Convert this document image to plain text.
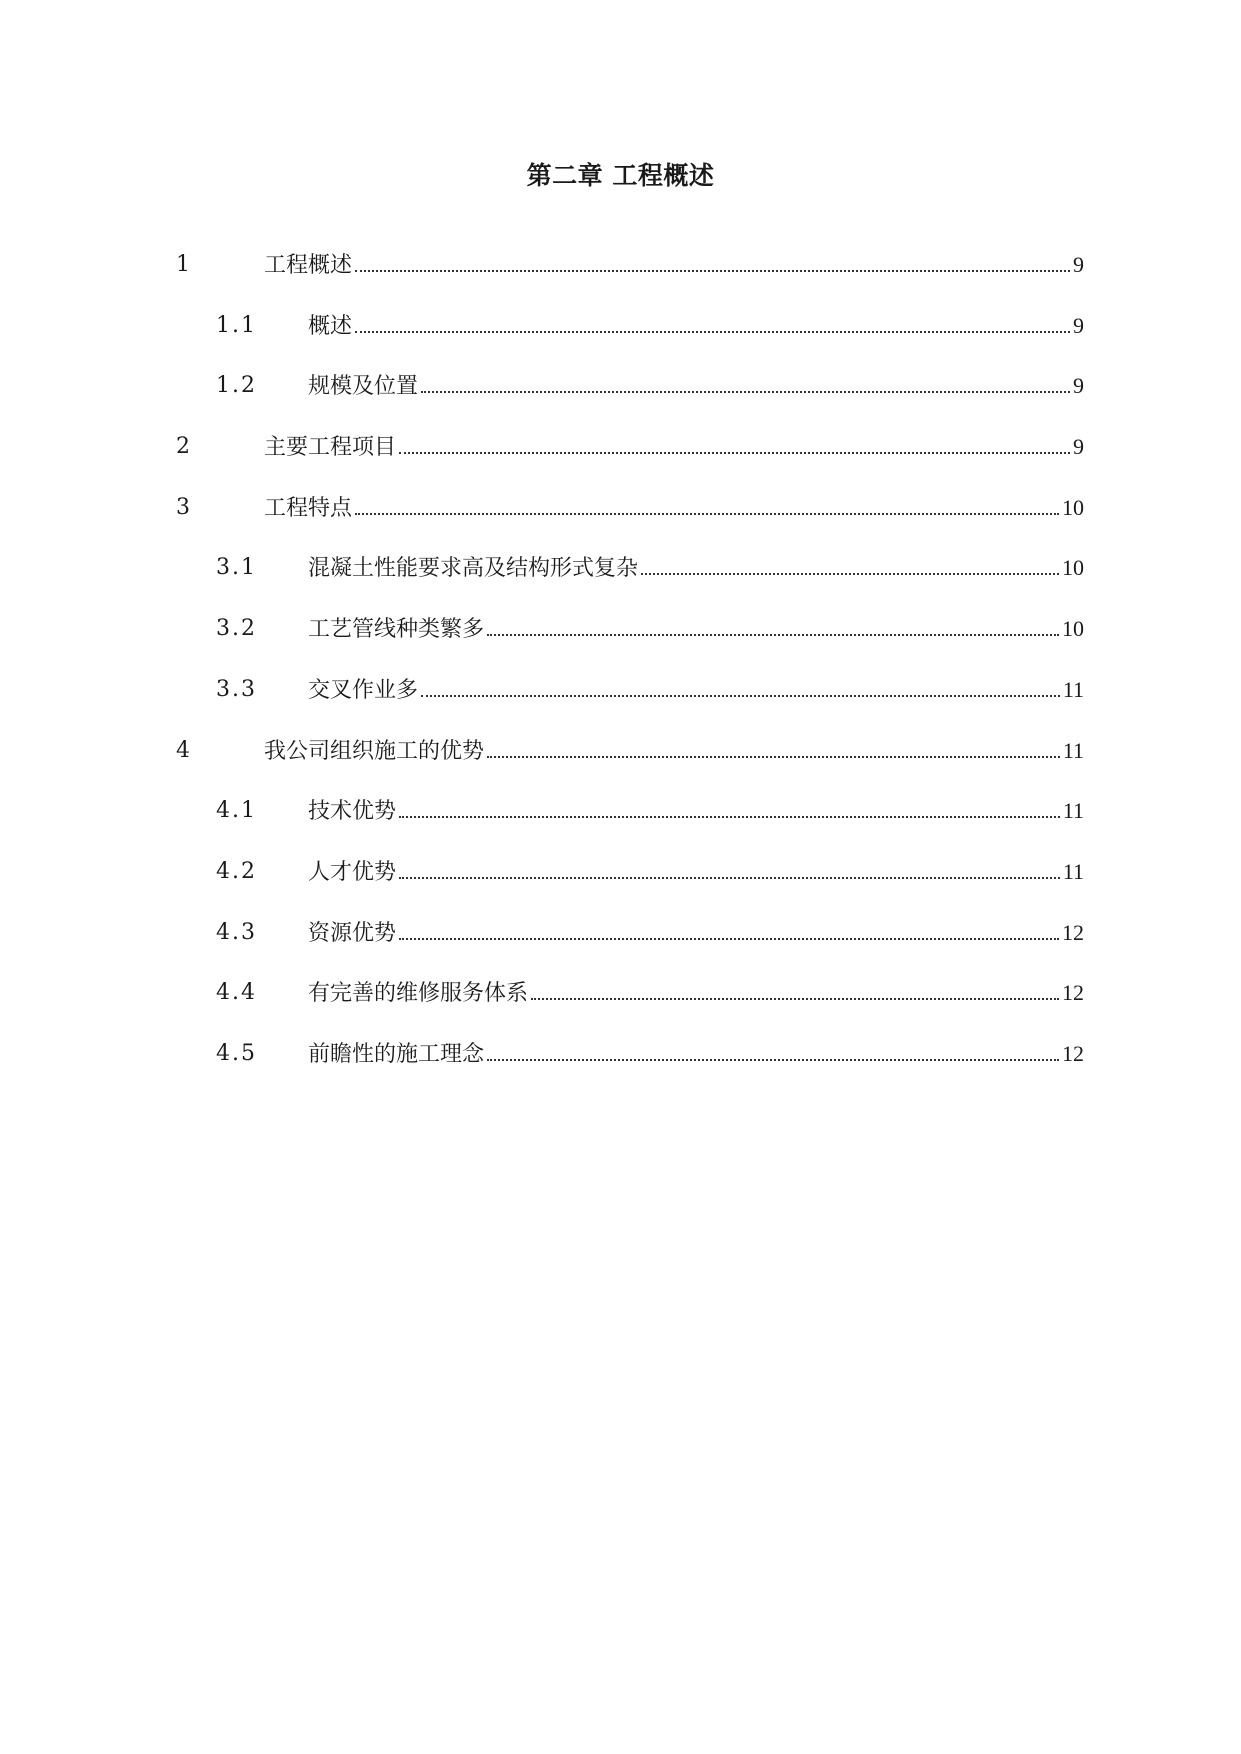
第二章 工程概述
1	工程概述	9
1.1 概述	9
1.2 规模及位置	9
2	主要工程项目	9
3	工程特点	10
3.1 混凝土性能要求高及结构形式复杂	10
3.2 工艺管线种类繁多	10
3.3 交叉作业多	11
4	我公司组织施工的优势	11
4.1 技术优势	11
4.2 人才优势	11
4.3 资源优势	12
4.4 有完善的维修服务体系	12
4.5 前瞻性的施工理念	12
